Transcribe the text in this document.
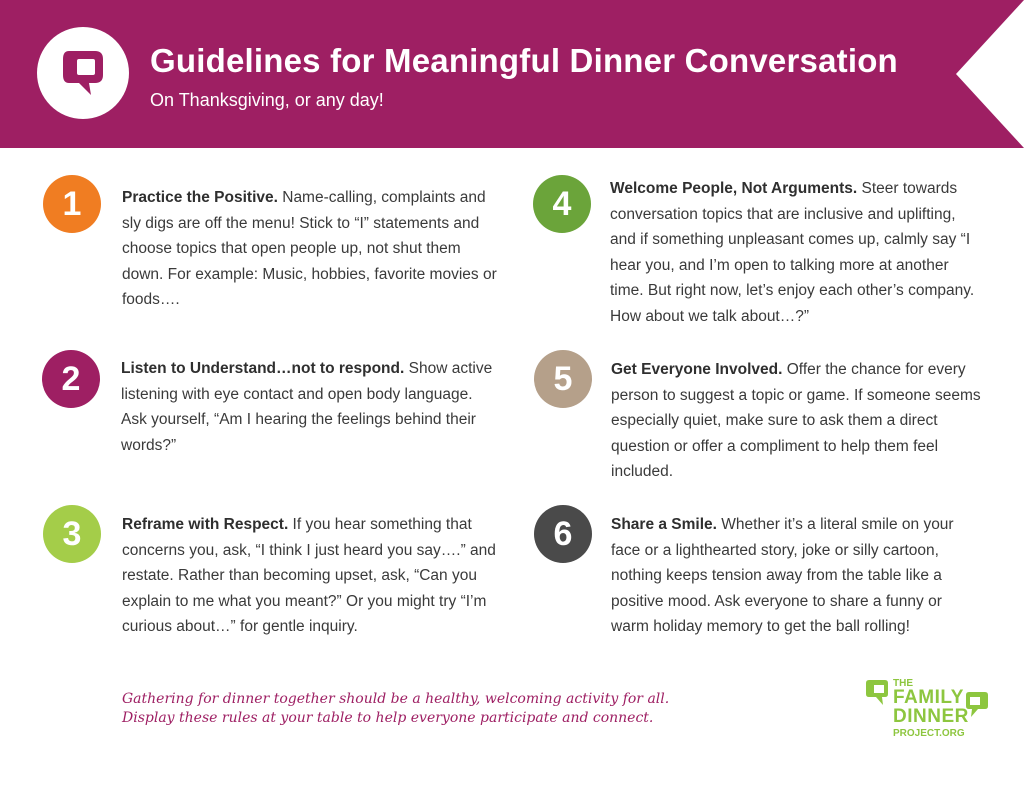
Guidelines for Meaningful Dinner Conversation

On Thanksgiving, or any day!

1	Practice the Positive. Name-calling, complaints and sly digs are off the menu! Stick to “I” statements and choose topics that open people up, not shut them down. For example: Music, hobbies, favorite movies or foods….
2	Listen to Understand…not to respond. Show active listening with eye contact and open body language. Ask yourself, “Am I hearing the feelings behind their words?”
3	Reframe with Respect. If you hear something that concerns you, ask, “I think I just heard you say….” and restate. Rather than becoming upset, ask, “Can you explain to me what you meant?” Or you might try “I’m curious about…” for gentle inquiry.
4	Welcome People, Not Arguments. Steer towards conversation topics that are inclusive and uplifting, and if something unpleasant comes up, calmly say “I hear you, and I’m open to talking more at another time. But right now, let’s enjoy each other’s company. How about we talk about…?”
5	Get Everyone Involved. Offer the chance for every person to suggest a topic or game. If someone seems especially quiet, make sure to ask them a direct question or offer a compliment to help them feel included.
6	Share a Smile. Whether it’s a literal smile on your face or a lighthearted story, joke or silly cartoon, nothing keeps tension away from the table like a positive mood. Ask everyone to share a funny or warm holiday memory to get the ball rolling!
Gathering for dinner together should be a healthy, welcoming activity for all.
Display these rules at your table to help everyone participate and connect.
THE
FAMILY
DINNER
PROJECT.ORG
